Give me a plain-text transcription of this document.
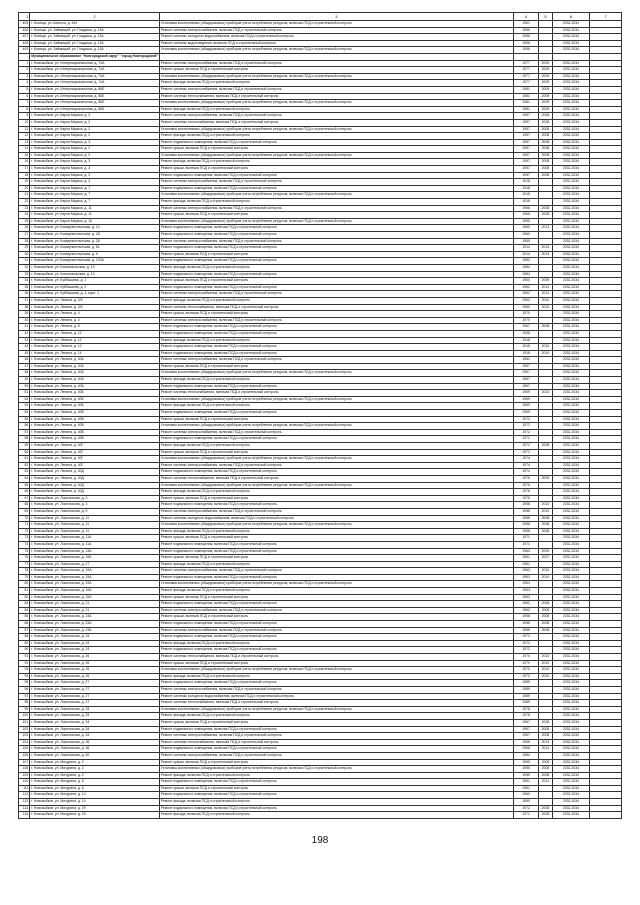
1	2	3	4	5	6	7
405	г. Клинцы, ул. Шолоха, д. 264	Установка коллективных (общедомовых) приборов учета потребления ресурсов, включая ПСД и строительный контроль	1961		2032-2034	
406	г. Клинцы, ул. Займищей, ул. Гладыша, д. 13А	Ремонт системы электроснабжения, включая ПСД и строительный контроль	1956		2032-2034	
407	г. Клинцы, ул. Займищей, ул. Гладыша, д. 13А	Ремонт системы холодного водоснабжения, включая ПСД и строительный контроль	1956		2032-2034	
408	г. Клинцы, ул. Займищей, ул. Гладыша, д. 13А	Ремонт системы водоотведения, включая ПСД и строительный контроль	1956		2032-2034	
409	г. Клинцы, ул. Займищей, ул. Гладыша, д. 13А	Установка коллективных (общедомовых) приборов учета потребления ресурсов, включая ПСД и строительный контроль	1956		2032-2034	
	Муниципальное образование "Новгородский округ" "город Новгородский"					
1	г. Новозыбков, ул. Интернациональная, д. 74А	Ремонт системы электроснабжения, включая ПСД и строительный контроль	1977	2009	2032-2034	
2	г. Новозыбков, ул. Интернациональная, д. 74А	Ремонт крыши, включая ПСД и строительный контроль	1977	2009	2032-2034	
3	г. Новозыбков, ул. Интернациональная, д. 74А	Установка коллективных (общедомовых) приборов учета потребления ресурсов, включая ПСД и строительный контроль	1977	2009	2032-2034	
4	г. Новозыбков, ул. Интернациональная, д. 74А	Ремонт фасада, включая ПСД и строительный контроль	1977	2009	2032-2034	
5	г. Новозыбков, ул. Интернациональная, д. 86Б	Ремонт системы электроснабжения, включая ПСД и строительный контроль	1981	2009	2032-2034	
6	г. Новозыбков, ул. Интернациональная, д. 86Б	Ремонт системы теплоснабжения, включая ПСД и строительный контроль	1981	2009	2032-2034	
7	г. Новозыбков, ул. Интернациональная, д. 86Б	Установка коллективных (общедомовых) приборов учета потребления ресурсов, включая ПСД и строительный контроль	1981	2009	2032-2034	
8	г. Новозыбков, ул. Интернациональная, д. 86Б	Ремонт фасада, включая ПСД и строительный контроль	1981	2009	2032-2034	
9	г. Новозыбков, ул. Карла Маркса, д. 2	Ремонт системы электроснабжения, включая ПСД и строительный контроль	1957	2008	2032-2034	
10	г. Новозыбков, ул. Карла Маркса, д. 2	Ремонт системы теплоснабжения, включая ПСД и строительный контроль	1957	2008	2032-2034	
11	г. Новозыбков, ул. Карла Маркса, д. 2	Установка коллективных (общедомовых) приборов учета потребления ресурсов, включая ПСД и строительный контроль	1957	2008	2032-2034	
12	г. Новозыбков, ул. Карла Маркса, д. 2	Ремонт фасада, включая ПСД и строительный контроль	1957	2008	2032-2034	
13	г. Новозыбков, ул. Карла Маркса, д. 2	Ремонт подвального помещения, включая ПСД и строительный контроль	1957	2008	2032-2034	
14	г. Новозыбков, ул. Карла Маркса, д. 2	Ремонт крыши, включая ПСД и строительный контроль	1957	2008	2032-2034	
15	г. Новозыбков, ул. Карла Маркса, д. 2	Установка коллективных (общедомовых) приборов учета потребления ресурсов, включая ПСД и строительный контроль	1957	2008	2032-2034	
16	г. Новозыбков, ул. Карла Маркса, д. 3	Ремонт фасада, включая ПСД и строительный контроль	1957	2008	2032-2034	
17	г. Новозыбков, ул. Карла Маркса, д. 3	Ремонт крыши, включая ПСД и строительный контроль	1957	2008	2032-2034	
18	г. Новозыбков, ул. Карла Маркса, д. 3	Ремонт подвального помещения, включая ПСД и строительный контроль	1957	2008	2032-2034	
19	г. Новозыбков, ул. Карла Маркса, д. 3	Ремонт системы электроснабжения, включая ПСД и строительный контроль	1918		2032-2034	
20	г. Новозыбков, ул. Карла Маркса, д. 7	Ремонт подвального помещения, включая ПСД и строительный контроль	1918		2032-2034	
21	г. Новозыбков, ул. Карла Маркса, д. 7	Установка коллективных (общедомовых) приборов учета потребления ресурсов, включая ПСД и строительный контроль	1918		2032-2034	
22	г. Новозыбков, ул. Карла Маркса, д. 7	Ремонт фасада, включая ПСД и строительный контроль	1918		2032-2034	
23	г. Новозыбков, ул. Карла Маркса, д. 11	Ремонт системы электроснабжения, включая ПСД и строительный контроль	1966	2008	2032-2034	
24	г. Новозыбков, ул. Карла Маркса, д. 11	Ремонт крыши, включая ПСД и строительный контроль	1966	2008	2032-2034	
25	г. Новозыбков, ул. Карла Маркса, д. 16	Установка коллективных (общедомовых) приборов учета потребления ресурсов, включая ПСД и строительный контроль	1955		2032-2034	
26	г. Новозыбков, ул. Коммунистическая, д. 10	Ремонт подвального помещения, включая ПСД и строительный контроль	1960	2013	2032-2034	
27	г. Новозыбков, ул. Коммунистическая, д. 28	Ремонт подвального помещения, включая ПСД и строительный контроль	1960		2032-2034	
28	г. Новозыбков, ул. Коммунистическая, д. 28	Ремонт системы электроснабжения, включая ПСД и строительный контроль	1960		2032-2034	
29	г. Новозыбков, ул. Коммунистическая, д. 61	Ремонт подвального помещения, включая ПСД и строительный контроль	1914	2013	2032-2034	
30	г. Новозыбков, ул. Коммунистическая, д. 6	Ремонт крыши, включая ПСД и строительный контроль	1914	2013	2032-2034	
31	г. Новозыбков, ул. Коммунистическая, д. 100А	Ремонт подвального помещения, включая ПСД и строительный контроль	1980		2032-2034	
32	г. Новозыбков, ул. Комсомольская, д. 13	Ремонт фасада, включая ПСД и строительный контроль	1984		2032-2034	
33	г. Новозыбков, ул. Комсомольская, д. 13	Ремонт подвального помещения, включая ПСД и строительный контроль	1984		2032-2034	
34	г. Новозыбков, ул. Куйбышева, д. 1	Ремонт крыши, включая ПСД и строительный контроль	1960	2009	2032-2034	
35	г. Новозыбков, ул. Куйбышева, д. 2	Ремонт подвального помещения, включая ПСД и строительный контроль	1962	2014	2032-2034	
36	г. Новозыбков, ул. Куйбышева, д. 4, корп. 1	Ремонт системы электроснабжения, включая ПСД и строительный контроль	1962	2014	2032-2034	
37	г. Новозыбков, ул. Ленина, д. 2/6	Ремонт фасада, включая ПСД и строительный контроль	1960	2010	2032-2034	
38	г. Новозыбков, ул. Ленина, д. 2/6	Ремонт системы теплоснабжения, включая ПСД и строительный контроль	1960	2010	2032-2034	
39	г. Новозыбков, ул. Ленина, д. 4	Ремонт крыши, включая ПСД и строительный контроль	1970		2032-2034	
40	г. Новозыбков, ул. Ленина, д. 4	Ремонт системы электроснабжения, включая ПСД и строительный контроль	1970		2032-2034	
41	г. Новозыбков, ул. Ленина, д. 8	Ремонт подвального помещения, включая ПСД и строительный контроль	1967	2008	2032-2034	
42	г. Новозыбков, ул. Ленина, д. 12	Ремонт подвального помещения, включая ПСД и строительный контроль	1938		2032-2034	
43	г. Новозыбков, ул. Ленина, д. 12	Ремонт фасада, включая ПСД и строительный контроль	1918		2032-2034	
44	г. Новозыбков, ул. Ленина, д. 12	Ремонт подвального помещения, включая ПСД и строительный контроль	1918	2010	2032-2034	
45	г. Новозыбков, ул. Ленина, д. 14	Ремонт подвального помещения, включая ПСД и строительный контроль	1918	2010	2032-2034	
46	г. Новозыбков, ул. Ленина, д. 40А	Ремонт системы электроснабжения, включая ПСД и строительный контроль	1961		2032-2034	
47	г. Новозыбков, ул. Ленина, д. 40А	Ремонт крыши, включая ПСД и строительный контроль	1967		2032-2034	
48	г. Новозыбков, ул. Ленина, д. 40А	Установка коллективных (общедомовых) приборов учета потребления ресурсов, включая ПСД и строительный контроль	1967		2032-2034	
49	г. Новозыбков, ул. Ленина, д. 40А	Ремонт фасада, включая ПСД и строительный контроль	1967		2032-2034	
50	г. Новозыбков, ул. Ленина, д. 40А	Ремонт подвального помещения, включая ПСД и строительный контроль	1967		2032-2034	
51	г. Новозыбков, ул. Ленина, д. 40Б	Ремонт системы теплоснабжения, включая ПСД и строительный контроль	1969	2010	2032-2034	
52	г. Новозыбков, ул. Ленина, д. 40Б	Установка коллективных (общедомовых) приборов учета потребления ресурсов, включая ПСД и строительный контроль	1969		2032-2034	
53	г. Новозыбков, ул. Ленина, д. 40Б	Ремонт фасада, включая ПСД и строительный контроль	1969		2032-2034	
54	г. Новозыбков, ул. Ленина, д. 40В	Ремонт подвального помещения, включая ПСД и строительный контроль	1969		2032-2034	
55	г. Новозыбков, ул. Ленина, д. 40В	Ремонт крыши, включая ПСД и строительный контроль	1972		2032-2034	
56	г. Новозыбков, ул. Ленина, д. 40В	Установка коллективных (общедомовых) приборов учета потребления ресурсов, включая ПСД и строительный контроль	1972		2032-2034	
57	г. Новозыбков, ул. Ленина, д. 40В	Ремонт системы электроснабжения, включая ПСД и строительный контроль	1972		2032-2034	
58	г. Новозыбков, ул. Ленина, д. 40В	Ремонт подвального помещения, включая ПСД и строительный контроль	1972		2032-2034	
59	г. Новозыбков, ул. Ленина, д. 40Г	Ремонт фасада, включая ПСД и строительный контроль	1972	2008	2032-2034	
60	г. Новозыбков, ул. Ленина, д. 40Г	Ремонт крыши, включая ПСД и строительный контроль	1972		2032-2034	
61	г. Новозыбков, ул. Ленина, д. 40Г	Установка коллективных (общедомовых) приборов учета потребления ресурсов, включая ПСД и строительный контроль	1974		2032-2034	
62	г. Новозыбков, ул. Ленина, д. 40Г	Ремонт системы электроснабжения, включая ПСД и строительный контроль	1974		2032-2034	
63	г. Новозыбков, ул. Ленина, д. 40Д	Ремонт подвального помещения, включая ПСД и строительный контроль	1974		2032-2034	
64	г. Новозыбков, ул. Ленина, д. 40Д	Ремонт системы теплоснабжения, включая ПСД и строительный контроль	1976	2009	2032-2034	
65	г. Новозыбков, ул. Ленина, д. 40Д	Установка коллективных (общедомовых) приборов учета потребления ресурсов, включая ПСД и строительный контроль	1976		2032-2034	
66	г. Новозыбков, ул. Ленина, д. 40Д	Ремонт фасада, включая ПСД и строительный контроль	1976		2032-2034	
67	г. Новозыбков, ул. Ломоносова, д. 3	Ремонт крыши, включая ПСД и строительный контроль	1976		2032-2034	
68	г. Новозыбков, ул. Ломоносова, д. 3	Ремонт подвального помещения, включая ПСД и строительный контроль	1958	2010	2032-2034	
69	г. Новозыбков, ул. Ломоносова, д. 9	Ремонт системы электроснабжения, включая ПСД и строительный контроль	1958	2010	2032-2034	
70	г. Новозыбков, ул. Ломоносова, д. 11	Ремонт системы холодного водоснабжения, включая ПСД и строительный контроль	1958	2008	2032-2034	
71	г. Новозыбков, ул. Ломоносова, д. 11	Установка коллективных (общедомовых) приборов учета потребления ресурсов, включая ПСД и строительный контроль	1958	2008	2032-2034	
72	г. Новозыбков, ул. Ломоносова, д. 11	Ремонт фасада, включая ПСД и строительный контроль	1958	2008	2032-2034	
73	г. Новозыбков, ул. Ломоносова, д. 11А	Ремонт крыши, включая ПСД и строительный контроль	1971		2032-2034	
74	г. Новозыбков, ул. Ломоносова, д. 11А	Ремонт подвального помещения, включая ПСД и строительный контроль	1971		2032-2034	
75	г. Новозыбков, ул. Ломоносова, д. 13А	Ремонт подвального помещения, включая ПСД и строительный контроль	1963	2009	2032-2034	
76	г. Новозыбков, ул. Ломоносова, д. 15А	Ремонт крыши, включая ПСД и строительный контроль	1961	2007	2032-2034	
77	г. Новозыбков, ул. Ломоносова, д. 17	Ремонт фасада, включая ПСД и строительный контроль	1961		2032-2034	
78	г. Новозыбков, ул. Ломоносова, д. 19А	Ремонт системы электроснабжения, включая ПСД и строительный контроль	1963	2010	2032-2034	
79	г. Новозыбков, ул. Ломоносова, д. 19А	Ремонт подвального помещения, включая ПСД и строительный контроль	1963	2010	2032-2034	
80	г. Новозыбков, ул. Ломоносова, д. 19А	Установка коллективных (общедомовых) приборов учета потребления ресурсов, включая ПСД и строительный контроль	1963		2032-2034	
81	г. Новозыбков, ул. Ломоносова, д. 19А	Ремонт фасада, включая ПСД и строительный контроль	1963		2032-2034	
82	г. Новозыбков, ул. Ломоносова, д. 19А	Ремонт крыши, включая ПСД и строительный контроль	1963		2032-2034	
83	г. Новозыбков, ул. Ломоносова, д. 21	Ремонт подвального помещения, включая ПСД и строительный контроль	1962	2008	2032-2034	
84	г. Новозыбков, ул. Ломоносова, д. 21	Ремонт системы электроснабжения, включая ПСД и строительный контроль	1962	2008	2032-2034	
85	г. Новозыбков, ул. Ломоносова, д. 23А	Ремонт крыши, включая ПСД и строительный контроль	1958	2008	2032-2034	
86	г. Новозыбков, ул. Ломоносова, д. 23А	Ремонт подвального помещения, включая ПСД и строительный контроль	1958	2008	2032-2034	
87	г. Новозыбков, ул. Ломоносова, д. 23А	Ремонт системы электроснабжения, включая ПСД и строительный контроль	1958	2008	2032-2034	
88	г. Новозыбков, ул. Ломоносова, д. 24	Ремонт подвального помещения, включая ПСД и строительный контроль	1972		2032-2034	
89	г. Новозыбков, ул. Ломоносова, д. 24	Ремонт фасада, включая ПСД и строительный контроль	1972		2032-2034	
90	г. Новозыбков, ул. Ломоносова, д. 24	Ремонт подвального помещения, включая ПСД и строительный контроль	1972		2032-2034	
91	г. Новозыбков, ул. Ломоносова, д. 26	Ремонт системы теплоснабжения, включая ПСД и строительный контроль	1970	2010	2032-2034	
92	г. Новозыбков, ул. Ломоносова, д. 26	Ремонт крыши, включая ПСД и строительный контроль	1970	2010	2032-2034	
93	г. Новозыбков, ул. Ломоносова, д. 26	Установка коллективных (общедомовых) приборов учета потребления ресурсов, включая ПСД и строительный контроль	1970	2010	2032-2034	
94	г. Новозыбков, ул. Ломоносова, д. 26	Ремонт фасада, включая ПСД и строительный контроль	1970	2010	2032-2034	
95	г. Новозыбков, ул. Ломоносова, д. 27	Ремонт подвального помещения, включая ПСД и строительный контроль	1989		2032-2034	
96	г. Новозыбков, ул. Ломоносова, д. 27	Ремонт системы электроснабжения, включая ПСД и строительный контроль	1989		2032-2034	
97	г. Новозыбков, ул. Ломоносова, д. 27	Ремонт системы холодного водоснабжения, включая ПСД и строительный контроль	1989		2032-2034	
98	г. Новозыбков, ул. Ломоносова, д. 27	Ремонт системы теплоснабжения, включая ПСД и строительный контроль	1989		2032-2034	
99	г. Новозыбков, ул. Ломоносова, д. 33	Установка коллективных (общедомовых) приборов учета потребления ресурсов, включая ПСД и строительный контроль	1978		2032-2034	
100	г. Новозыбков, ул. Ломоносова, д. 33	Ремонт фасада, включая ПСД и строительный контроль	1978		2032-2034	
101	г. Новозыбков, ул. Ломоносова, д. 34	Ремонт крыши, включая ПСД и строительный контроль	1967	2008	2032-2034	
102	г. Новозыбков, ул. Ломоносова, д. 34	Ремонт подвального помещения, включая ПСД и строительный контроль	1967	2008	2032-2034	
103	г. Новозыбков, ул. Ломоносова, д. 34	Ремонт системы электроснабжения, включая ПСД и строительный контроль	1967	2008	2032-2034	
104	г. Новозыбков, ул. Ломоносова, д. 36	Ремонт системы теплоснабжения, включая ПСД и строительный контроль	1968	2013	2032-2034	
105	г. Новозыбков, ул. Ломоносова, д. 36	Ремонт подвального помещения, включая ПСД и строительный контроль	1968	2013	2032-2034	
106	г. Новозыбков, ул. Ломоносова, д. 40	Ремонт системы электроснабжения, включая ПСД и строительный контроль	1984		2032-2034	
107	г. Новозыбков, ул. Мичурина, д. 2	Ремонт крыши, включая ПСД и строительный контроль	1955	2008	2032-2034	
108	г. Новозыбков, ул. Мичурина, д. 2	Установка коллективных (общедомовых) приборов учета потребления ресурсов, включая ПСД и строительный контроль	1955	2008	2032-2034	
109	г. Новозыбков, ул. Мичурина, д. 2	Ремонт фасада, включая ПСД и строительный контроль	1955	2008	2032-2034	
110	г. Новозыбков, ул. Мичурина, д. 6	Ремонт подвального помещения, включая ПСД и строительный контроль	1961	2011	2032-2034	
111	г. Новозыбков, ул. Мичурина, д. 6	Ремонт крыши, включая ПСД и строительный контроль	1961		2032-2034	
112	г. Новозыбков, ул. Мичурина, д. 14	Ремонт подвального помещения, включая ПСД и строительный контроль	1960		2032-2034	
113	г. Новозыбков, ул. Мичурина, д. 14	Ремонт фасада, включая ПСД и строительный контроль	1960		2032-2034	
114	г. Новозыбков, ул. Мичурина, д. 29	Ремонт подвального помещения, включая ПСД и строительный контроль	1972	2008	2032-2034	
115	г. Новозыбков, ул. Мичурина, д. 29	Ремонт фасада, включая ПСД и строительный контроль	1972	2008	2032-2034	
198
